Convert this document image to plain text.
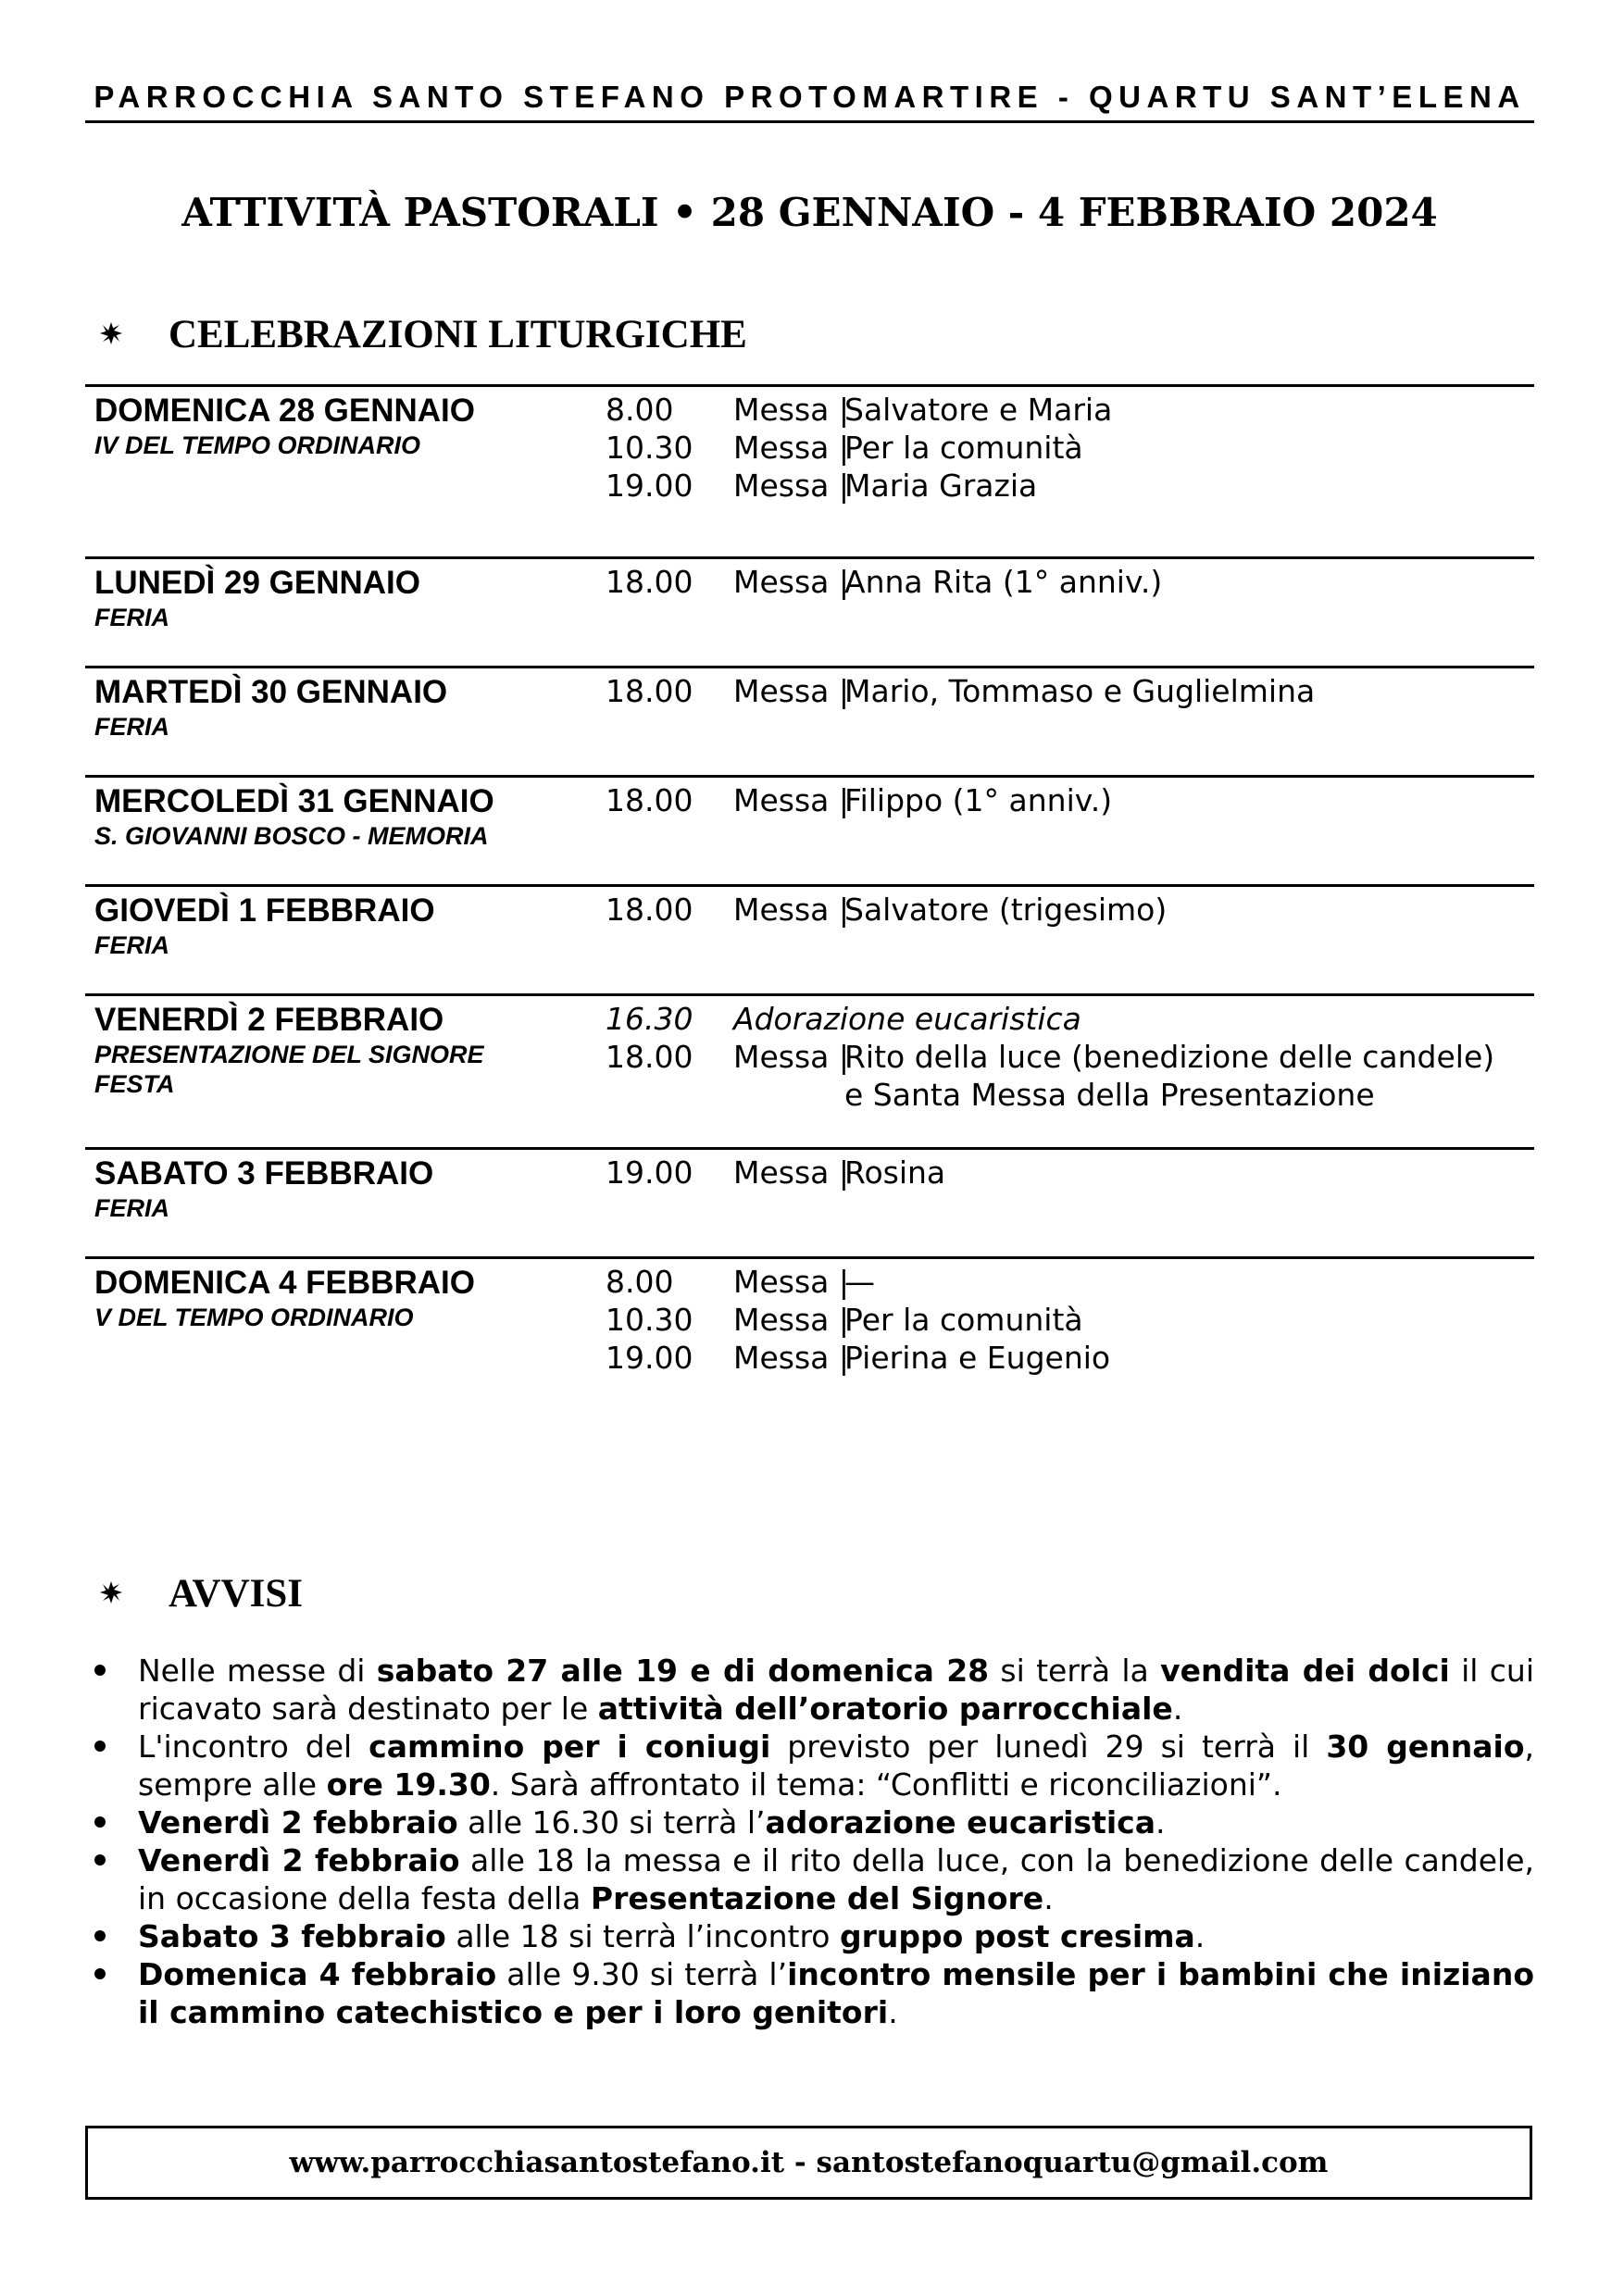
PARROCCHIA SANTO STEFANO PROTOMARTIRE - QUARTU SANT’ELENA
ATTIVITÀ PASTORALI • 28 GENNAIO - 4 FEBBRAIO 2024
CELEBRAZIONI LITURGICHE
DOMENICA 28 GENNAIO
IV DEL TEMPO ORDINARIO
8.00 Messa |
Salvatore e Maria
10.30 Messa |
Per la comunità
19.00 Messa |
Maria Grazia
LUNEDÌ 29 GENNAIO
FERIA
18.00 Messa |
Anna Rita (1° anniv.)
MARTEDÌ 30 GENNAIO
FERIA
18.00 Messa |
Mario, Tommaso e Guglielmina
MERCOLEDÌ 31 GENNAIO
S. GIOVANNI BOSCO - MEMORIA
18.00 Messa |
Filippo (1° anniv.)
GIOVEDÌ 1 FEBBRAIO
FERIA
18.00 Messa |
Salvatore (trigesimo)
VENERDÌ 2 FEBBRAIO
PRESENTAZIONE DEL SIGNORE
FESTA
16.30 Adorazione eucaristica
18.00 Messa |
Rito della luce (benedizione delle candele)
e Santa Messa della Presentazione
SABATO 3 FEBBRAIO
FERIA
19.00 Messa |
Rosina
DOMENICA 4 FEBBRAIO
V DEL TEMPO ORDINARIO
8.00 Messa |
—
10.30 Messa |
Per la comunità
19.00 Messa |
Pierina e Eugenio
AVVISI
Nelle messe di sabato 27 alle 19 e di domenica 28 si terrà la vendita dei dolci il cui ricavato sarà destinato per le attività dell’oratorio parrocchiale.
L'incontro del cammino per i coniugi previsto per lunedì 29 si terrà il 30 gennaio, sempre alle ore 19.30. Sarà affrontato il tema: “Conflitti e riconciliazioni”.
Venerdì 2 febbraio alle 16.30 si terrà l’adorazione eucaristica.
Venerdì 2 febbraio alle 18 la messa e il rito della luce, con la benedizione delle candele, in occasione della festa della Presentazione del Signore.
Sabato 3 febbraio alle 18 si terrà l’incontro gruppo post cresima.
Domenica 4 febbraio alle 9.30 si terrà l’incontro mensile per i bambini che iniziano il cammino catechistico e per i loro genitori.
www.parrocchiasantostefano.it - santostefanoquartu@gmail.com
